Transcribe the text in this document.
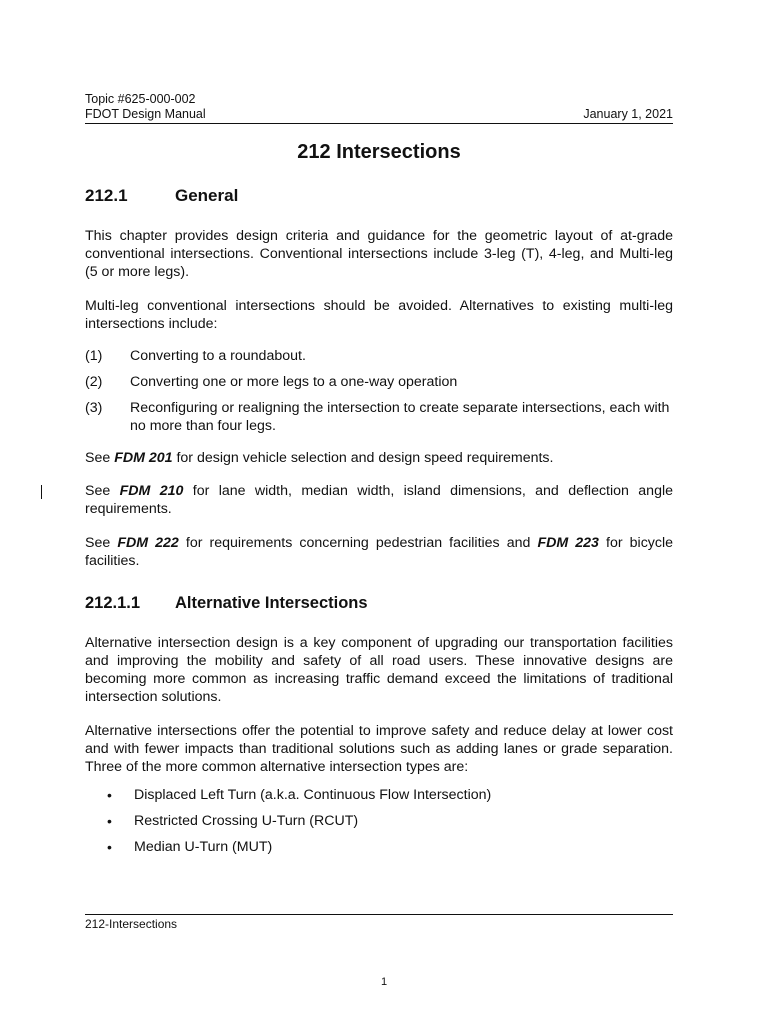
Topic #625-000-002
FDOT Design Manual	January 1, 2021
212 Intersections
212.1	General

This chapter provides design criteria and guidance for the geometric layout of at-grade conventional intersections. Conventional intersections include 3-leg (T), 4-leg, and Multi-leg (5 or more legs).

Multi-leg conventional intersections should be avoided. Alternatives to existing multi-leg intersections include:

(1)	Converting to a roundabout.
(2)	Converting one or more legs to a one-way operation
(3)	Reconfiguring or realigning the intersection to create separate intersections, each with no more than four legs.

See FDM 201 for design vehicle selection and design speed requirements.

See FDM 210 for lane width, median width, island dimensions, and deflection angle requirements.

See FDM 222 for requirements concerning pedestrian facilities and FDM 223 for bicycle facilities.

212.1.1	Alternative Intersections

Alternative intersection design is a key component of upgrading our transportation facilities and improving the mobility and safety of all road users. These innovative designs are becoming more common as increasing traffic demand exceed the limitations of traditional intersection solutions.

Alternative intersections offer the potential to improve safety and reduce delay at lower cost and with fewer impacts than traditional solutions such as adding lanes or grade separation. Three of the more common alternative intersection types are:

•	Displaced Left Turn (a.k.a. Continuous Flow Intersection)
•	Restricted Crossing U-Turn (RCUT)
•	Median U-Turn (MUT)
212-Intersections
1
